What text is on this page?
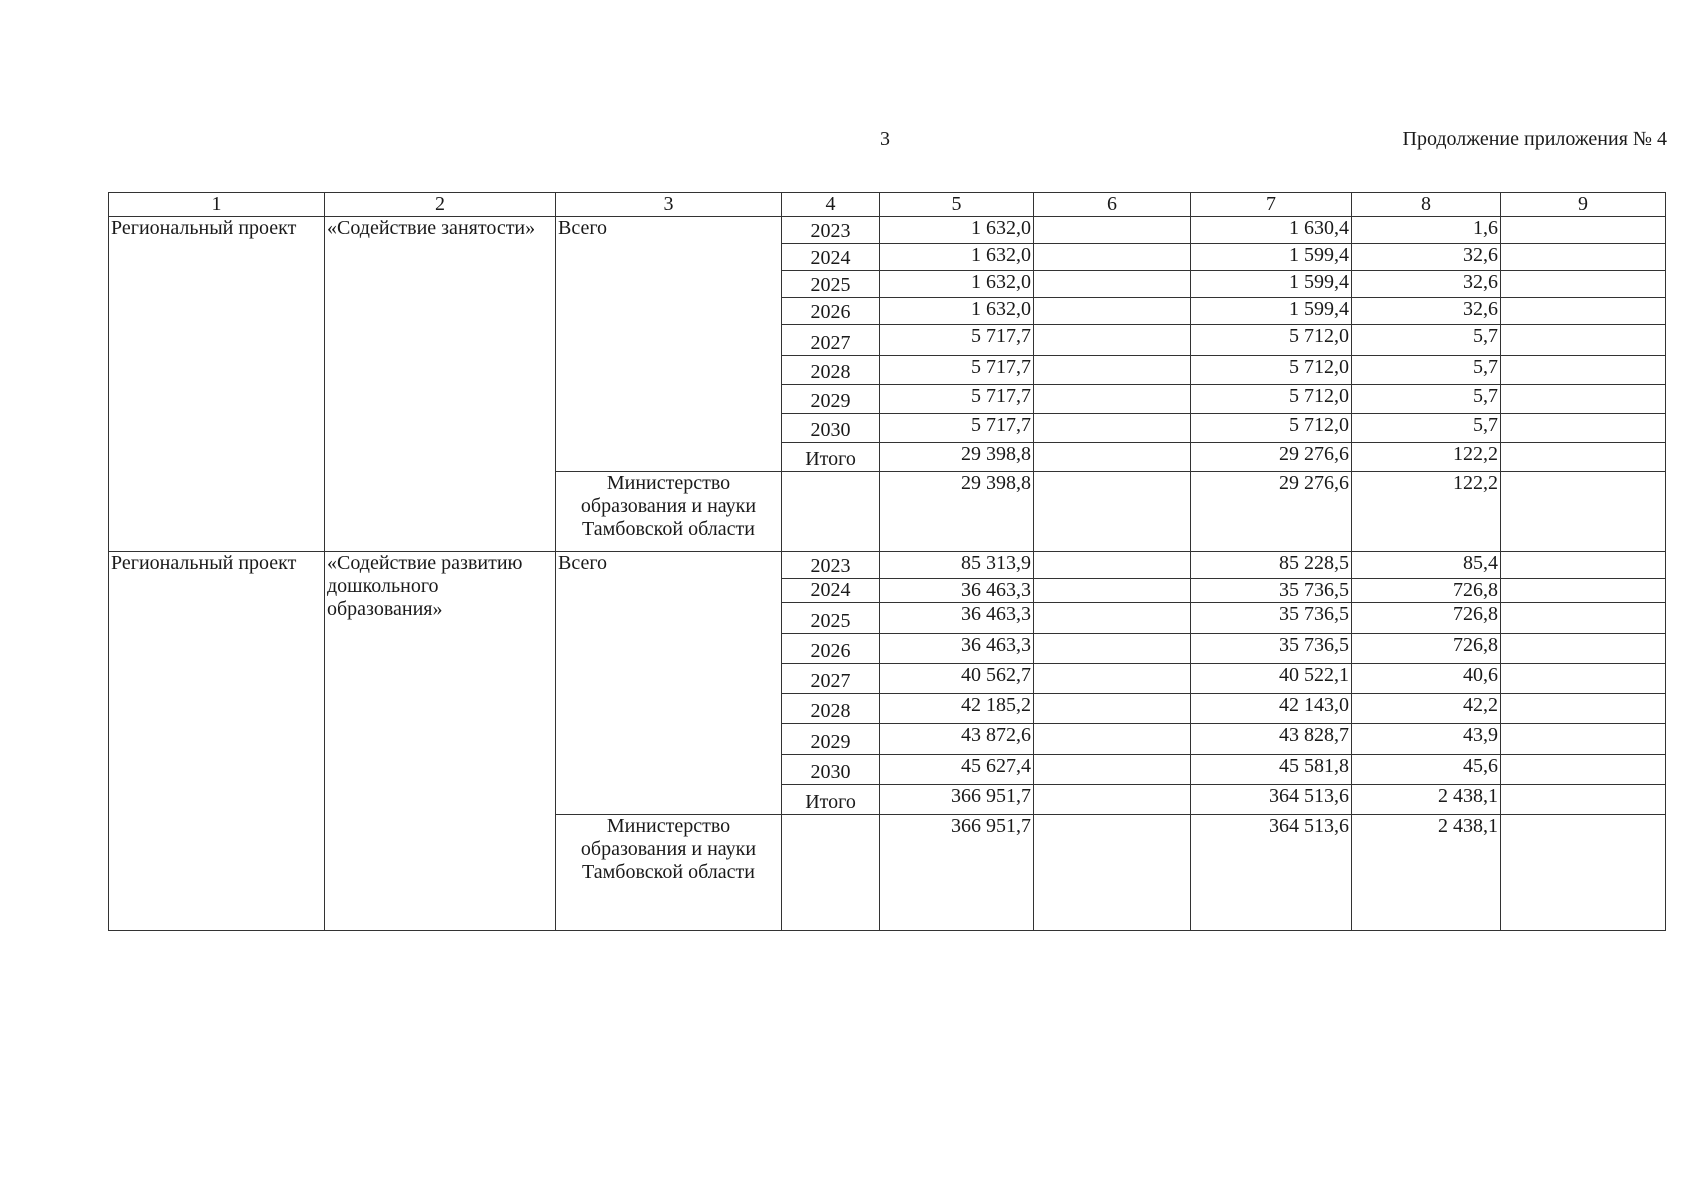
3	Продолжение приложения № 4
1	2	3	4	5	6	7	8	9
Региональный проект	«Содействие занятости»	Всего	2023	1 632,0		1 630,4	1,6	
			2024	1 632,0		1 599,4	32,6	
			2025	1 632,0		1 599,4	32,6	
			2026	1 632,0		1 599,4	32,6	
			2027	5 717,7		5 712,0	5,7	
			2028	5 717,7		5 712,0	5,7	
			2029	5 717,7		5 712,0	5,7	
			2030	5 717,7		5 712,0	5,7	
			Итого	29 398,8		29 276,6	122,2	
		Министерство образования и науки Тамбовской области		29 398,8		29 276,6	122,2	
Региональный проект	«Содействие развитию дошкольного образования»	Всего	2023	85 313,9		85 228,5	85,4	
			2024	36 463,3		35 736,5	726,8	
			2025	36 463,3		35 736,5	726,8	
			2026	36 463,3		35 736,5	726,8	
			2027	40 562,7		40 522,1	40,6	
			2028	42 185,2		42 143,0	42,2	
			2029	43 872,6		43 828,7	43,9	
			2030	45 627,4		45 581,8	45,6	
			Итого	366 951,7		364 513,6	2 438,1	
		Министерство образования и науки Тамбовской области		366 951,7		364 513,6	2 438,1	
